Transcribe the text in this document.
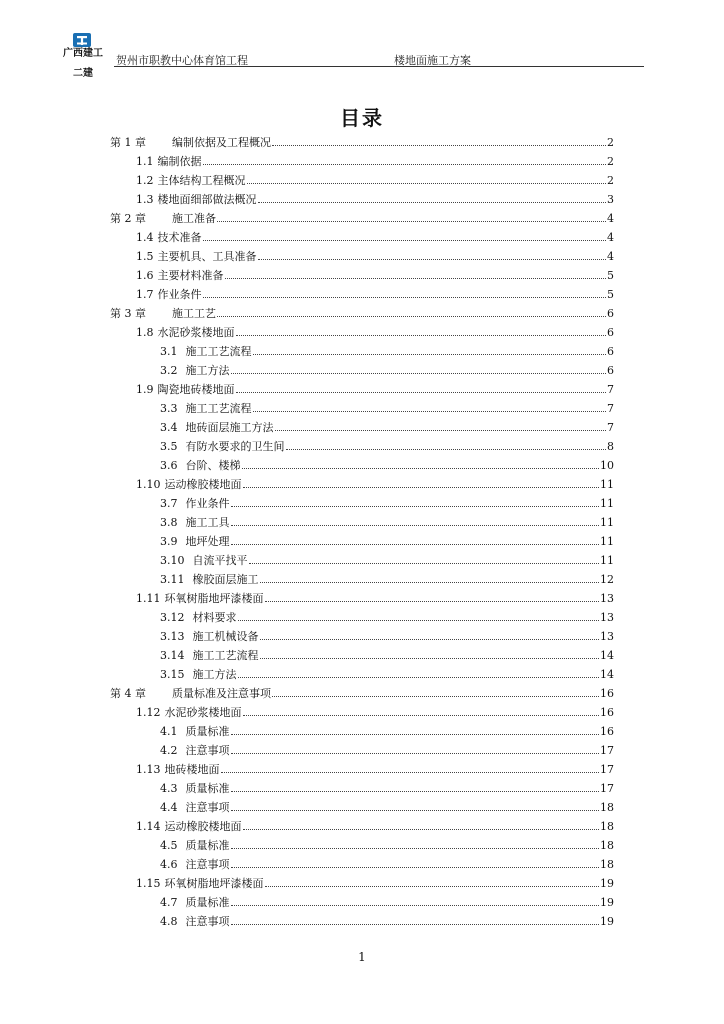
广西建工
二建
贺州市职教中心体育馆工程	楼地面施工方案
目录
第 1 章	编制依据及工程概况	2
1.1 编制依据	2
1.2 主体结构工程概况	2
1.3 楼地面细部做法概况	3
第 2 章	施工准备	4
1.4 技术准备	4
1.5 主要机具、工具准备	4
1.6 主要材料准备	5
1.7 作业条件	5
第 3 章	施工工艺	6
1.8 水泥砂浆楼地面	6
3.1 施工工艺流程	6
3.2 施工方法	6
1.9 陶瓷地砖楼地面	7
3.3 施工工艺流程	7
3.4 地砖面层施工方法	7
3.5 有防水要求的卫生间	8
3.6 台阶、楼梯	10
1.10 运动橡胶楼地面	11
3.7 作业条件	11
3.8 施工工具	11
3.9 地坪处理	11
3.10 自流平找平	11
3.11 橡胶面层施工	12
1.11 环氧树脂地坪漆楼面	13
3.12 材料要求	13
3.13 施工机械设备	13
3.14 施工工艺流程	14
3.15 施工方法	14
第 4 章	质量标准及注意事项	16
1.12 水泥砂浆楼地面	16
4.1 质量标准	16
4.2 注意事项	17
1.13 地砖楼地面	17
4.3 质量标准	17
4.4 注意事项	18
1.14 运动橡胶楼地面	18
4.5 质量标准	18
4.6 注意事项	18
1.15 环氧树脂地坪漆楼面	19
4.7 质量标准	19
4.8 注意事项	19
1
